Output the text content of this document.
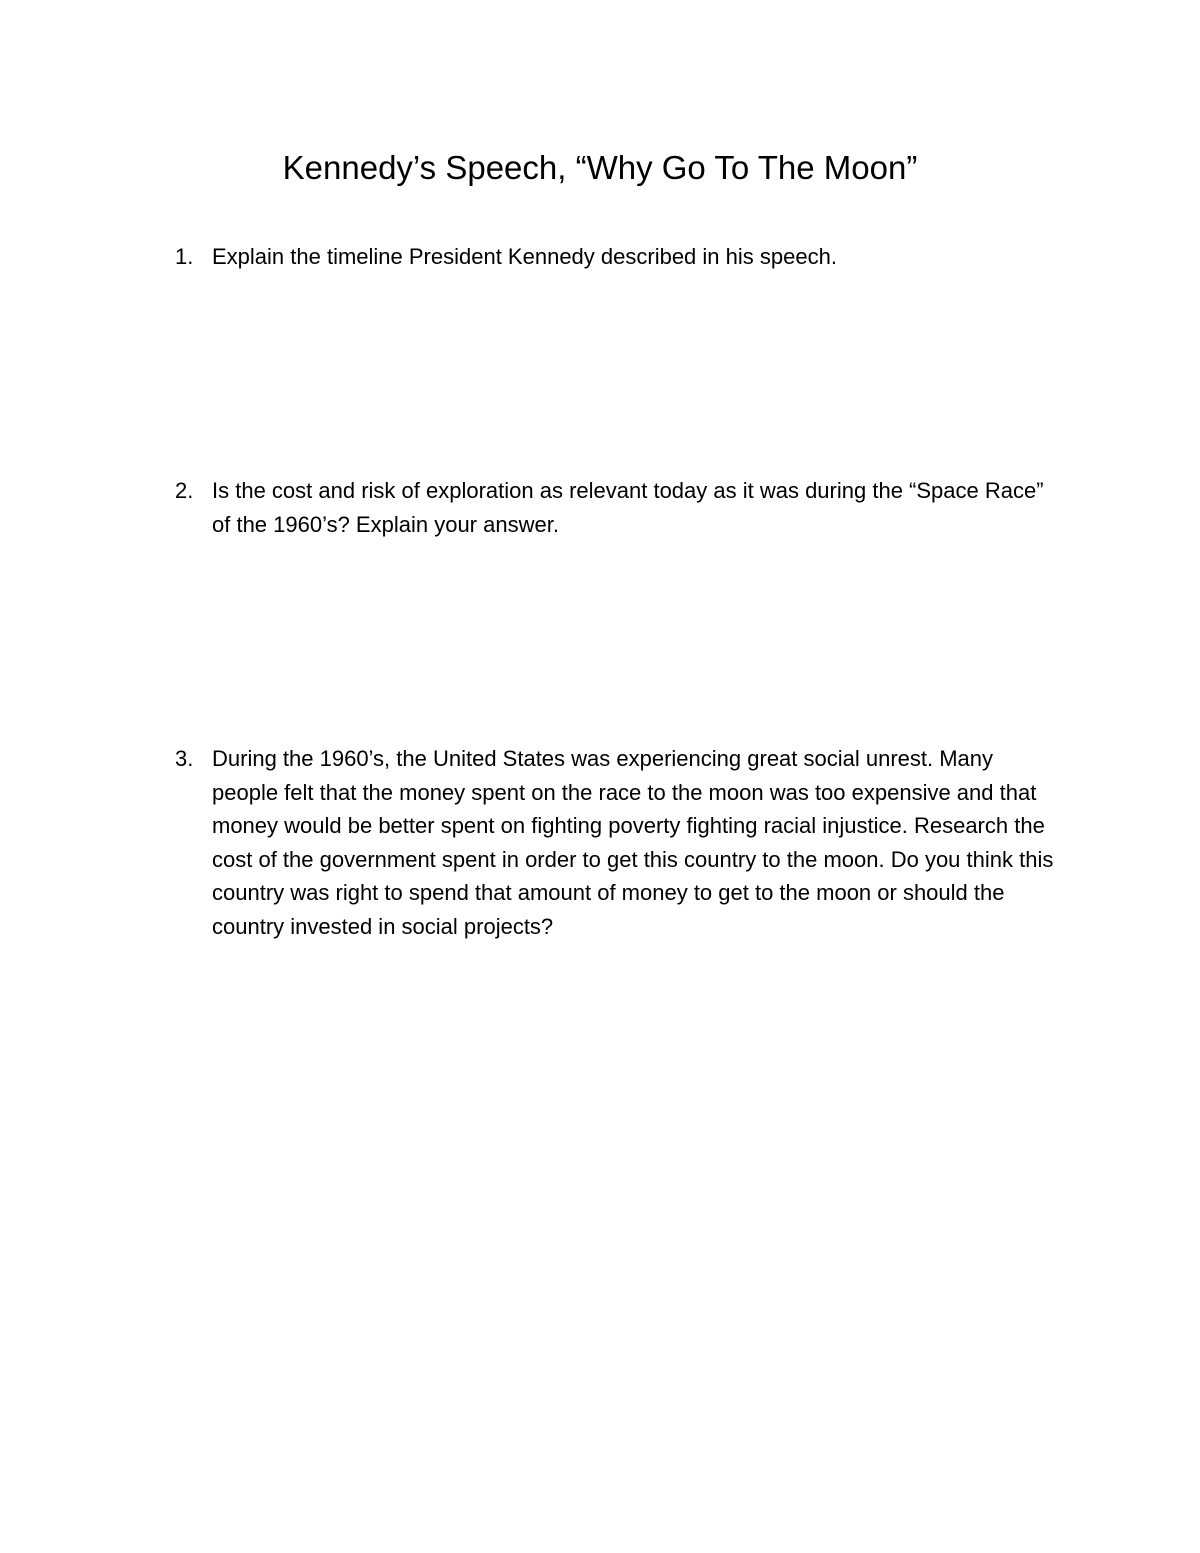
Kennedy’s Speech, “Why Go To The Moon”
1. Explain the timeline President Kennedy described in his speech.
2. Is the cost and risk of exploration as relevant today as it was during the “Space Race” of the 1960’s? Explain your answer.
3. During the 1960’s, the United States was experiencing great social unrest. Many people felt that the money spent on the race to the moon was too expensive and that money would be better spent on fighting poverty fighting racial injustice. Research the cost of the government spent in order to get this country to the moon. Do you think this country was right to spend that amount of money to get to the moon or should the country invested in social projects?
